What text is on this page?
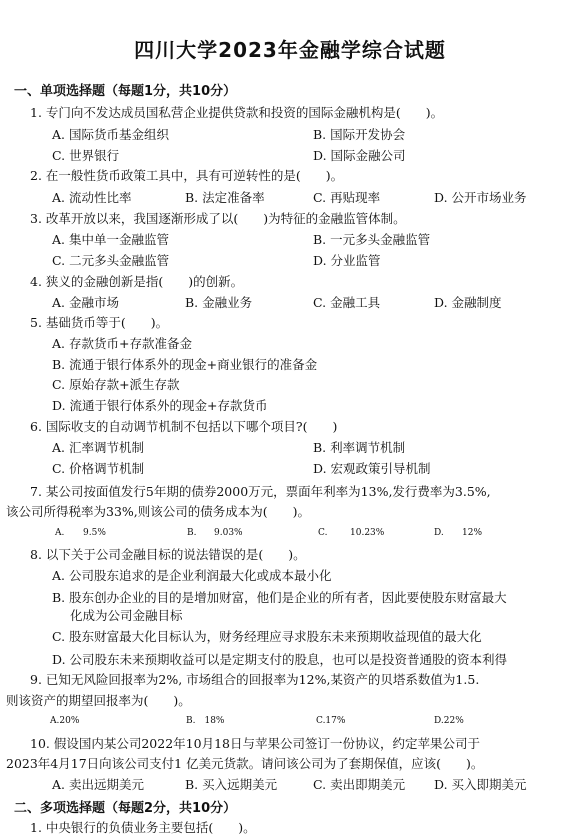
四川大学2023年金融学综合试题
一、单项选择题（每题1分，共10分）
1. 专门向不发达成员国私营企业提供贷款和投资的国际金融机构是(　　)。
A. 国际货币基金组织	B. 国际开发协会
C. 世界银行	D. 国际金融公司
2. 在一般性货币政策工具中，具有可逆转性的是(　　)。
A. 流动性比率	B. 法定准备率	C. 再贴现率	D. 公开市场业务
3. 改革开放以来，我国逐渐形成了以(　　)为特征的金融监管体制。
A. 集中单一金融监管	B. 一元多头金融监管
C. 二元多头金融监管	D. 分业监管
4. 狭义的金融创新是指(　　)的创新。
A. 金融市场	B. 金融业务	C. 金融工具	D. 金融制度
5. 基础货币等于(　　)。
A. 存款货币+存款准备金
B. 流通于银行体系外的现金+商业银行的准备金
C. 原始存款+派生存款
D. 流通于银行体系外的现金+存款货币
6. 国际收支的自动调节机制不包括以下哪个项目?(　　)
A. 汇率调节机制	B. 利率调节机制
C. 价格调节机制	D. 宏观政策引导机制
7. 某公司按面值发行5年期的债券2000万元，票面年利率为13%,发行费率为3.5%,
该公司所得税率为33%,则该公司的债务成本为(　　)。
A. 9.5%	B. 9.03%	C.	10.23%	D. 12%
8. 以下关于公司金融目标的说法错误的是(　　)。
A. 公司股东追求的是企业利润最大化或成本最小化
B. 股东创办企业的目的是增加财富，他们是企业的所有者，因此要使股东财富最大
化成为公司金融目标
C. 股东财富最大化目标认为，财务经理应寻求股东未来预期收益现值的最大化
D. 公司股东未来预期收益可以是定期支付的股息，也可以是投资普通股的资本利得
9. 已知无风险回报率为2%, 市场组合的回报率为12%,某资产的贝塔系数值为1.5.
则该资产的期望回报率为(　　)。
A.20%	B. 18%	C.17%	D.22%
10. 假设国内某公司2022年10月18日与苹果公司签订一份协议，约定苹果公司于
2023年4月17日向该公司支付1 亿美元货款。请问该公司为了套期保值，应该(　　)。
A. 卖出远期美元	B. 买入远期美元	C. 卖出即期美元 D. 买入即期美元
二、多项选择题（每题2分，共10分）
1. 中央银行的负债业务主要包括(　　)。
